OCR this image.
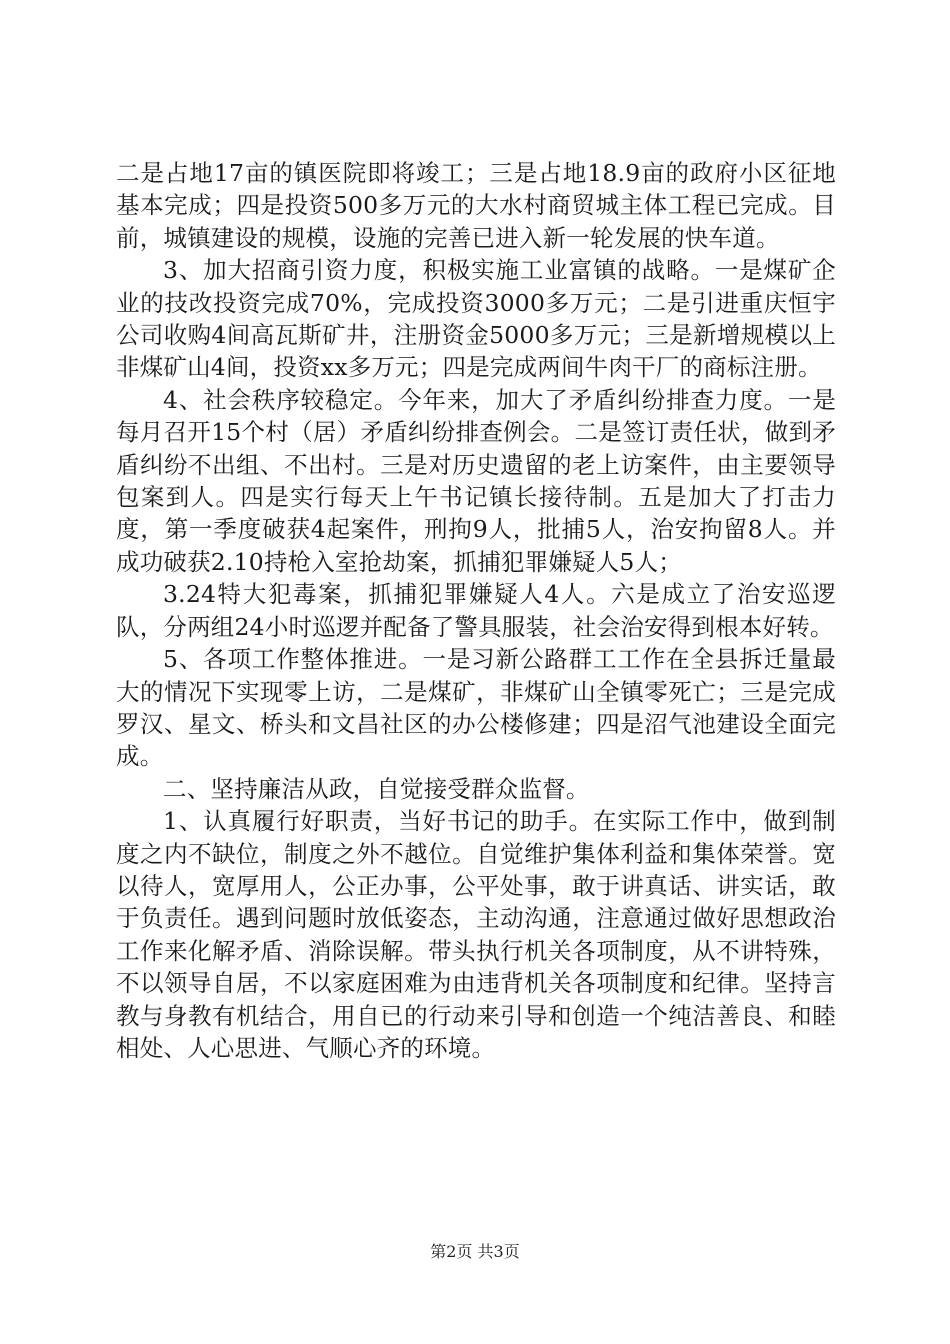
二是占地17亩的镇医院即将竣工；三是占地18.9亩的政府小区征地基本完成；四是投资500多万元的大水村商贸城主体工程已完成。目前，城镇建设的规模，设施的完善已进入新一轮发展的快车道。

3、加大招商引资力度，积极实施工业富镇的战略。一是煤矿企业的技改投资完成70%，完成投资3000多万元；二是引进重庆恒宇公司收购4间高瓦斯矿井，注册资金5000多万元；三是新增规模以上非煤矿山4间，投资xx多万元；四是完成两间牛肉干厂的商标注册。

4、社会秩序较稳定。今年来，加大了矛盾纠纷排查力度。一是每月召开15个村（居）矛盾纠纷排查例会。二是签订责任状，做到矛盾纠纷不出组、不出村。三是对历史遗留的老上访案件，由主要领导包案到人。四是实行每天上午书记镇长接待制。五是加大了打击力度，第一季度破获4起案件，刑拘9人，批捕5人，治安拘留8人。并成功破获2.10持枪入室抢劫案，抓捕犯罪嫌疑人5人；

3.24特大犯毒案，抓捕犯罪嫌疑人4人。六是成立了治安巡逻队，分两组24小时巡逻并配备了警具服装，社会治安得到根本好转。

5、各项工作整体推进。一是习新公路群工工作在全县拆迁量最大的情况下实现零上访，二是煤矿，非煤矿山全镇零死亡；三是完成罗汉、星文、桥头和文昌社区的办公楼修建；四是沼气池建设全面完成。

二、坚持廉洁从政，自觉接受群众监督。

1、认真履行好职责，当好书记的助手。在实际工作中，做到制度之内不缺位，制度之外不越位。自觉维护集体利益和集体荣誉。宽以待人，宽厚用人，公正办事，公平处事，敢于讲真话、讲实话，敢于负责任。遇到问题时放低姿态，主动沟通，注意通过做好思想政治工作来化解矛盾、消除误解。带头执行机关各项制度，从不讲特殊，不以领导自居，不以家庭困难为由违背机关各项制度和纪律。坚持言教与身教有机结合，用自已的行动来引导和创造一个纯洁善良、和睦相处、人心思进、气顺心齐的环境。

第2页 共3页
